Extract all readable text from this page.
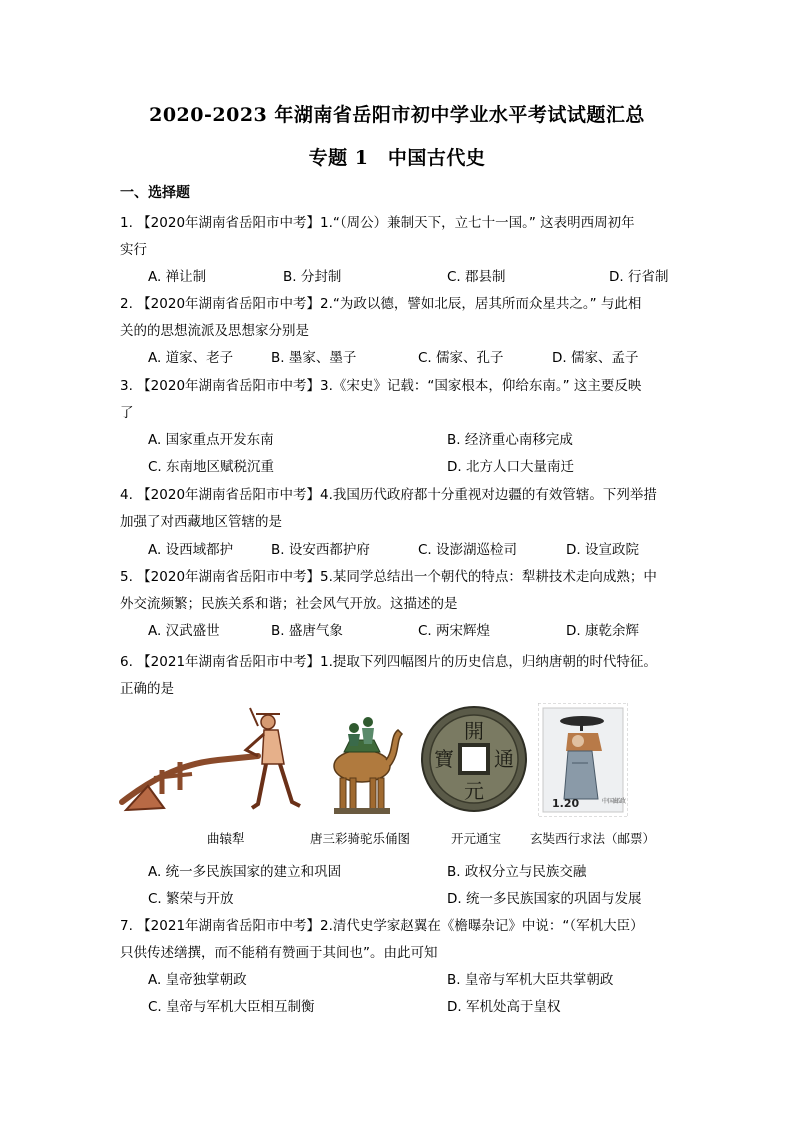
2020-2023 年湖南省岳阳市初中学业水平考试试题汇总
专题 1　中国古代史
一、选择题
1. 【2020年湖南省岳阳市中考】1.“（周公）兼制天下，立七十一国。” 这表明西周初年
实行
A. 禅让制	B. 分封制	C. 郡县制	D. 行省制
2. 【2020年湖南省岳阳市中考】2.“为政以德，譬如北辰，居其所而众星共之。” 与此相
关的的思想流派及思想家分别是
A. 道家、老子	B. 墨家、墨子	C. 儒家、孔子	D. 儒家、孟子
3. 【2020年湖南省岳阳市中考】3.《宋史》记载：“国家根本，仰给东南。” 这主要反映
了
A. 国家重点开发东南	B. 经济重心南移完成
C. 东南地区赋税沉重	D. 北方人口大量南迁
4. 【2020年湖南省岳阳市中考】4.我国历代政府都十分重视对边疆的有效管辖。下列举措
加强了对西藏地区管辖的是
A. 设西域都护	B. 设安西都护府	C. 设澎湖巡检司	D. 设宣政院
5. 【2020年湖南省岳阳市中考】5.某同学总结出一个朝代的特点：犁耕技术走向成熟；中
外交流频繁；民族关系和谐；社会风气开放。这描述的是
A. 汉武盛世	B. 盛唐气象	C. 两宋辉煌	D. 康乾余辉
6. 【2021年湖南省岳阳市中考】1.提取下列四幅图片的历史信息，归纳唐朝的时代特征。
正确的是
開
元
通
寶
1.20	中国邮政
曲辕犁	唐三彩骑驼乐俑图	开元通宝 玄奘西行求法（邮票）
A. 统一多民族国家的建立和巩固	B. 政权分立与民族交融
C. 繁荣与开放	D. 统一多民族国家的巩固与发展
7. 【2021年湖南省岳阳市中考】2.清代史学家赵翼在《檐曝杂记》中说：“（军机大臣）
只供传述缮撰，而不能稍有赞画于其间也”。由此可知
A. 皇帝独掌朝政	B. 皇帝与军机大臣共掌朝政
C. 皇帝与军机大臣相互制衡	D. 军机处高于皇权
